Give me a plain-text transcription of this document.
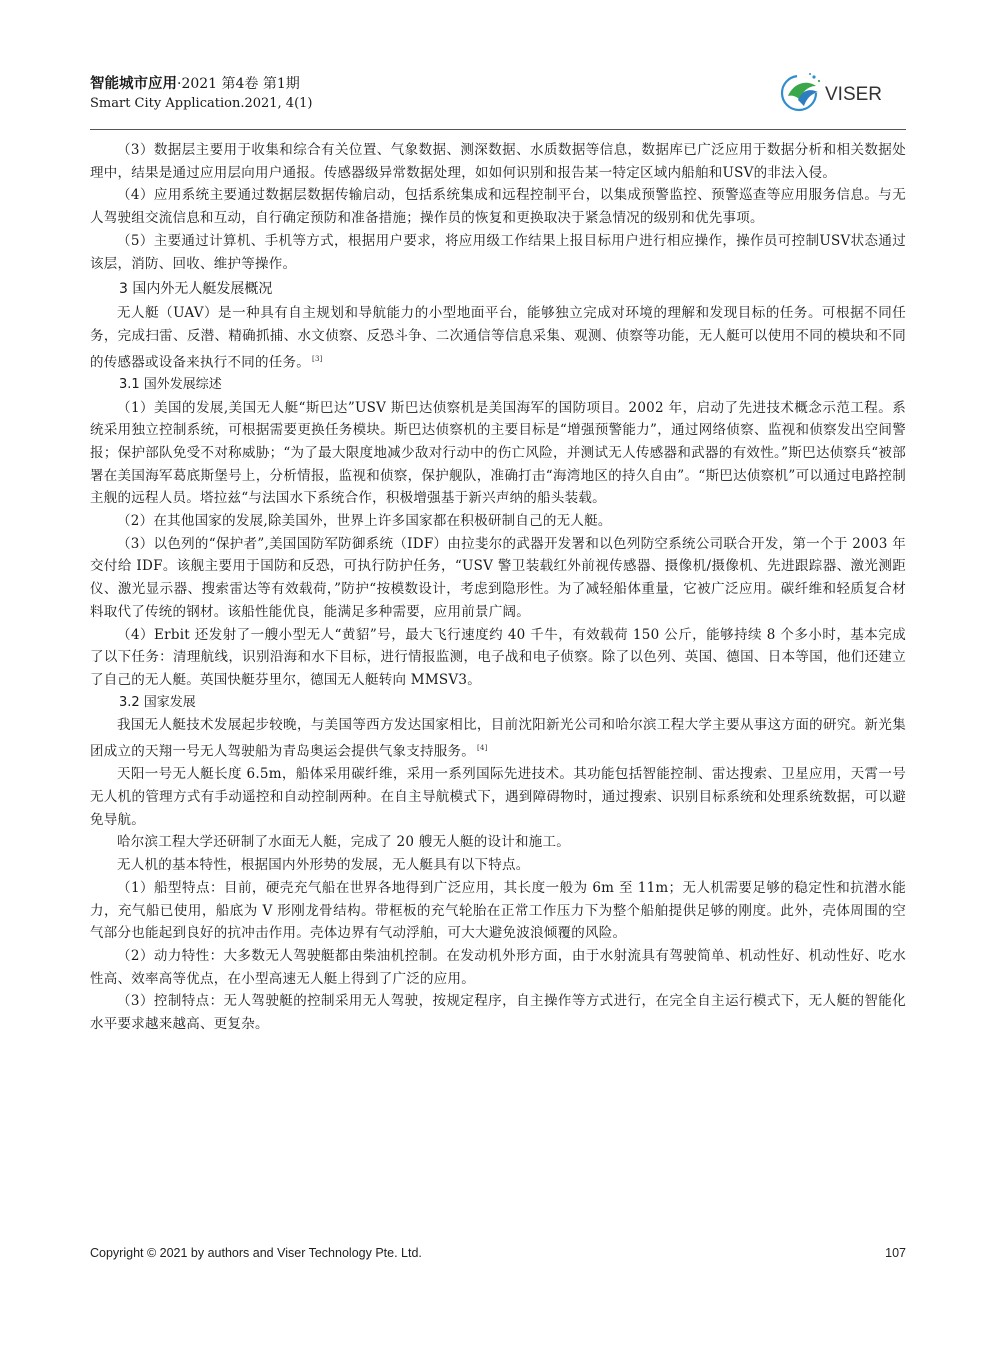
智能城市应用·2021 第4卷 第1期
Smart City Application.2021, 4(1)	VISER

（3）数据层主要用于收集和综合有关位置、气象数据、测深数据、水质数据等信息，数据库已广泛应用于数据分析和相关数据处理中，结果是通过应用层向用户通报。传感器级异常数据处理，如如何识别和报告某一特定区域内船舶和USV的非法入侵。

（4）应用系统主要通过数据层数据传输启动，包括系统集成和远程控制平台，以集成预警监控、预警巡查等应用服务信息。与无人驾驶组交流信息和互动，自行确定预防和准备措施；操作员的恢复和更换取决于紧急情况的级别和优先事项。

（5）主要通过计算机、手机等方式，根据用户要求，将应用级工作结果上报目标用户进行相应操作，操作员可控制USV状态通过该层，消防、回收、维护等操作。

3 国内外无人艇发展概况

无人艇（UAV）是一种具有自主规划和导航能力的小型地面平台，能够独立完成对环境的理解和发现目标的任务。可根据不同任务，完成扫雷、反潜、精确抓捕、水文侦察、反恐斗争、二次通信等信息采集、观测、侦察等功能，无人艇可以使用不同的模块和不同的传感器或设备来执行不同的任务。 [3]

3.1 国外发展综述

（1）美国的发展,美国无人艇“斯巴达”USV 斯巴达侦察机是美国海军的国防项目。2002 年，启动了先进技术概念示范工程。系统采用独立控制系统，可根据需要更换任务模块。斯巴达侦察机的主要目标是“增强预警能力”，通过网络侦察、监视和侦察发出空间警报；保护部队免受不对称威胁；“为了最大限度地减少敌对行动中的伤亡风险，并测试无人传感器和武器的有效性。”斯巴达侦察兵“被部署在美国海军葛底斯堡号上，分析情报，监视和侦察，保护舰队，准确打击“海湾地区的持久自由”。“斯巴达侦察机”可以通过电路控制主舰的远程人员。塔拉兹“与法国水下系统合作，积极增强基于新兴声纳的船头装载。

（2）在其他国家的发展,除美国外，世界上许多国家都在积极研制自己的无人艇。

（3）以色列的“保护者”,美国国防军防御系统（IDF）由拉斐尔的武器开发署和以色列防空系统公司联合开发，第一个于 2003 年交付给 IDF。该舰主要用于国防和反恐，可执行防护任务，“USV 警卫装载红外前视传感器、摄像机/摄像机、先进跟踪器、激光测距仪、激光显示器、搜索雷达等有效载荷，”防护“按模数设计，考虑到隐形性。为了减轻船体重量，它被广泛应用。碳纤维和轻质复合材料取代了传统的钢材。该船性能优良，能满足多种需要，应用前景广阔。

（4）Erbit 还发射了一艘小型无人“黄貂”号，最大飞行速度约 40 千牛，有效载荷 150 公斤，能够持续 8 个多小时，基本完成了以下任务：清理航线，识别沿海和水下目标，进行情报监测，电子战和电子侦察。除了以色列、英国、德国、日本等国，他们还建立了自己的无人艇。英国快艇芬里尔，德国无人艇转向 MMSV3。

3.2 国家发展

我国无人艇技术发展起步较晚，与美国等西方发达国家相比，目前沈阳新光公司和哈尔滨工程大学主要从事这方面的研究。新光集团成立的天翔一号无人驾驶船为青岛奥运会提供气象支持服务。 [4]

天阳一号无人艇长度 6.5m，船体采用碳纤维，采用一系列国际先进技术。其功能包括智能控制、雷达搜索、卫星应用，天霄一号无人机的管理方式有手动遥控和自动控制两种。在自主导航模式下，遇到障碍物时，通过搜索、识别目标系统和处理系统数据，可以避免导航。

哈尔滨工程大学还研制了水面无人艇，完成了 20 艘无人艇的设计和施工。

无人机的基本特性，根据国内外形势的发展，无人艇具有以下特点。

（1）船型特点：目前，硬壳充气船在世界各地得到广泛应用，其长度一般为 6m 至 11m；无人机需要足够的稳定性和抗潜水能力，充气船已使用，船底为 V 形刚龙骨结构。带框板的充气轮胎在正常工作压力下为整个船舶提供足够的刚度。此外，壳体周围的空气部分也能起到良好的抗冲击作用。壳体边界有气动浮舶，可大大避免波浪倾覆的风险。

（2）动力特性：大多数无人驾驶艇都由柴油机控制。在发动机外形方面，由于水射流具有驾驶简单、机动性好、机动性好、吃水性高、效率高等优点，在小型高速无人艇上得到了广泛的应用。

（3）控制特点：无人驾驶艇的控制采用无人驾驶，按规定程序，自主操作等方式进行，在完全自主运行模式下，无人艇的智能化水平要求越来越高、更复杂。

Copyright © 2021 by authors and Viser Technology Pte. Ltd.	107
